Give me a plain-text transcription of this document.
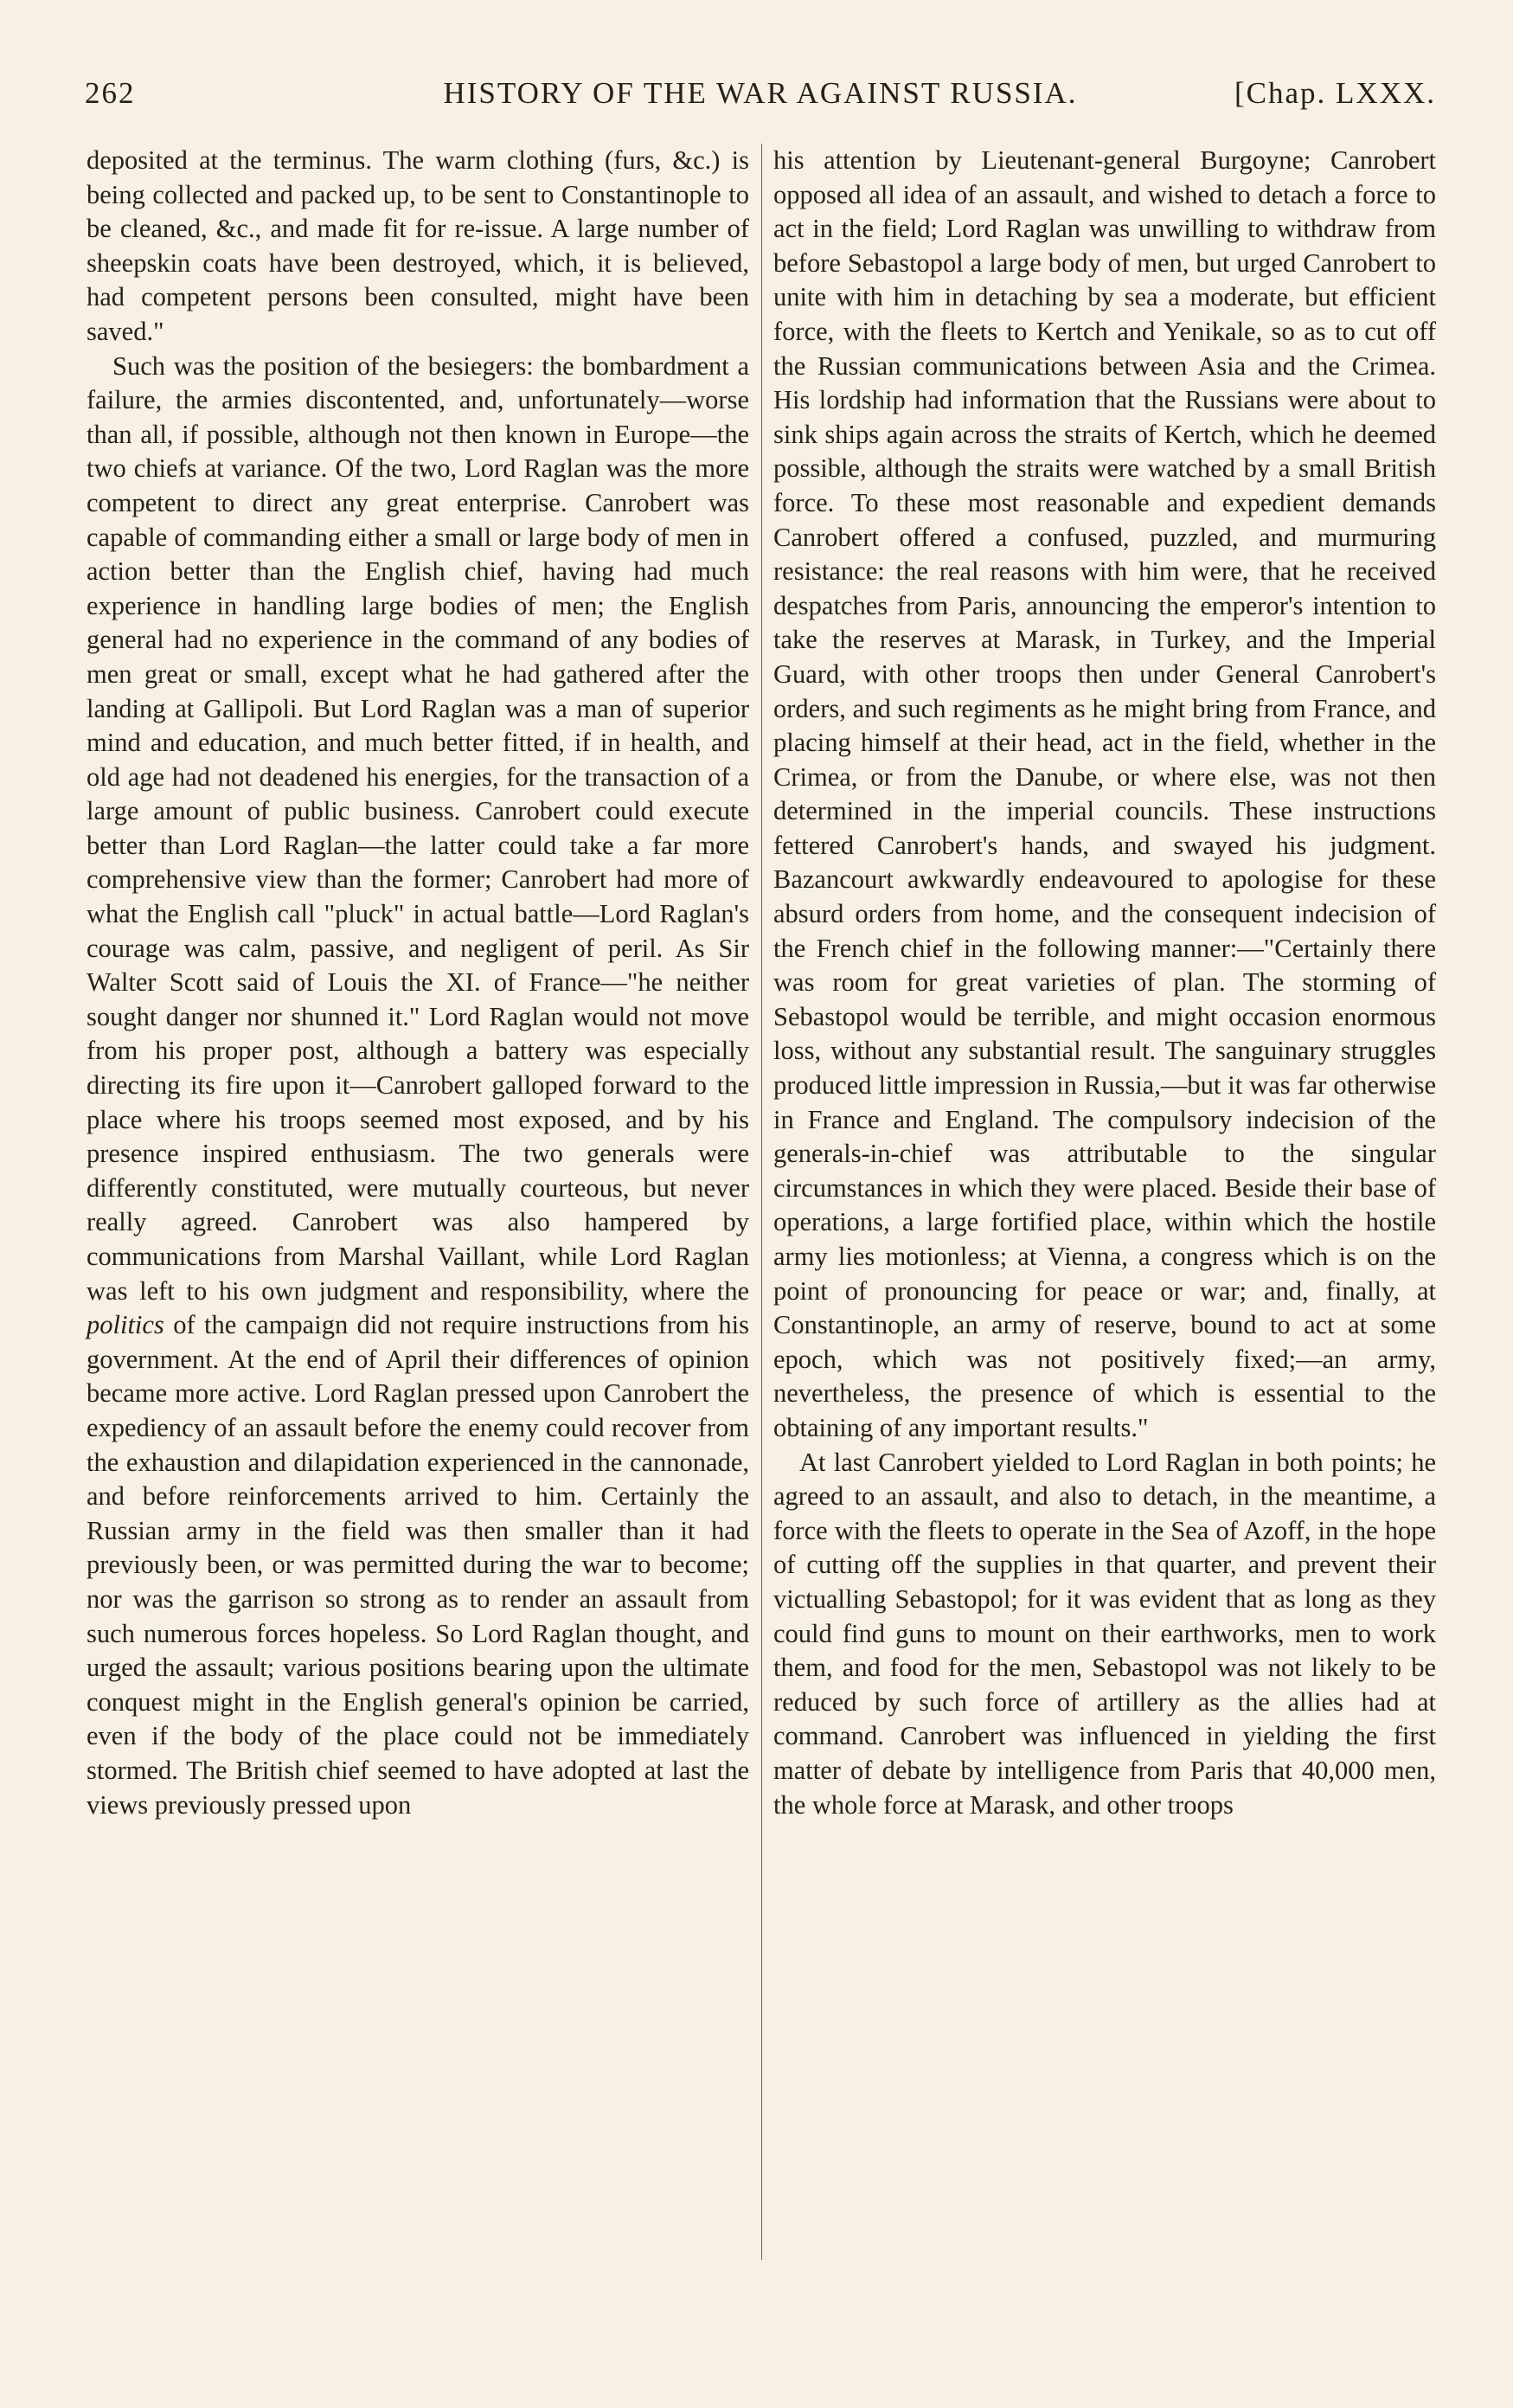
HISTORY OF THE WAR AGAINST RUSSIA.
262	[Chap. LXXX.

deposited at the terminus. The warm clothing (furs, &c.) is being collected and packed up, to be sent to Constantinople to be cleaned, &c., and made fit for re-issue. A large number of sheepskin coats have been destroyed, which, it is believed, had competent persons been consulted, might have been saved."

Such was the position of the besiegers: the bombardment a failure, the armies discontented, and, unfortunately—worse than all, if possible, although not then known in Europe—the two chiefs at variance. Of the two, Lord Raglan was the more competent to direct any great enterprise. Canrobert was capable of commanding either a small or large body of men in action better than the English chief, having had much experience in handling large bodies of men; the English general had no experience in the command of any bodies of men great or small, except what he had gathered after the landing at Gallipoli. But Lord Raglan was a man of superior mind and education, and much better fitted, if in health, and old age had not deadened his energies, for the transaction of a large amount of public business. Canrobert could execute better than Lord Raglan—the latter could take a far more comprehensive view than the former; Canrobert had more of what the English call "pluck" in actual battle—Lord Raglan's courage was calm, passive, and negligent of peril. As Sir Walter Scott said of Louis the XI. of France—"he neither sought danger nor shunned it." Lord Raglan would not move from his proper post, although a battery was especially directing its fire upon it—Canrobert galloped forward to the place where his troops seemed most exposed, and by his presence inspired enthusiasm. The two generals were differently constituted, were mutually courteous, but never really agreed. Canrobert was also hampered by communications from Marshal Vaillant, while Lord Raglan was left to his own judgment and responsibility, where the politics of the campaign did not require instructions from his government. At the end of April their differences of opinion became more active. Lord Raglan pressed upon Canrobert the expediency of an assault before the enemy could recover from the exhaustion and dilapidation experienced in the cannonade, and before reinforcements arrived to him. Certainly the Russian army in the field was then smaller than it had previously been, or was permitted during the war to become; nor was the garrison so strong as to render an assault from such numerous forces hopeless. So Lord Raglan thought, and urged the assault; various positions bearing upon the ultimate conquest might in the English general's opinion be carried, even if the body of the place could not be immediately stormed. The British chief seemed to have adopted at last the views previously pressed upon

his attention by Lieutenant-general Burgoyne; Canrobert opposed all idea of an assault, and wished to detach a force to act in the field; Lord Raglan was unwilling to withdraw from before Sebastopol a large body of men, but urged Canrobert to unite with him in detaching by sea a moderate, but efficient force, with the fleets to Kertch and Yenikale, so as to cut off the Russian communications between Asia and the Crimea. His lordship had information that the Russians were about to sink ships again across the straits of Kertch, which he deemed possible, although the straits were watched by a small British force. To these most reasonable and expedient demands Canrobert offered a confused, puzzled, and murmuring resistance: the real reasons with him were, that he received despatches from Paris, announcing the emperor's intention to take the reserves at Marask, in Turkey, and the Imperial Guard, with other troops then under General Canrobert's orders, and such regiments as he might bring from France, and placing himself at their head, act in the field, whether in the Crimea, or from the Danube, or where else, was not then determined in the imperial councils. These instructions fettered Canrobert's hands, and swayed his judgment. Bazancourt awkwardly endeavoured to apologise for these absurd orders from home, and the consequent indecision of the French chief in the following manner:—"Certainly there was room for great varieties of plan. The storming of Sebastopol would be terrible, and might occasion enormous loss, without any substantial result. The sanguinary struggles produced little impression in Russia,—but it was far otherwise in France and England. The compulsory indecision of the generals-in-chief was attributable to the singular circumstances in which they were placed. Beside their base of operations, a large fortified place, within which the hostile army lies motionless; at Vienna, a congress which is on the point of pronouncing for peace or war; and, finally, at Constantinople, an army of reserve, bound to act at some epoch, which was not positively fixed;—an army, nevertheless, the presence of which is essential to the obtaining of any important results."

At last Canrobert yielded to Lord Raglan in both points; he agreed to an assault, and also to detach, in the meantime, a force with the fleets to operate in the Sea of Azoff, in the hope of cutting off the supplies in that quarter, and prevent their victualling Sebastopol; for it was evident that as long as they could find guns to mount on their earthworks, men to work them, and food for the men, Sebastopol was not likely to be reduced by such force of artillery as the allies had at command. Canrobert was influenced in yielding the first matter of debate by intelligence from Paris that 40,000 men, the whole force at Marask, and other troops
